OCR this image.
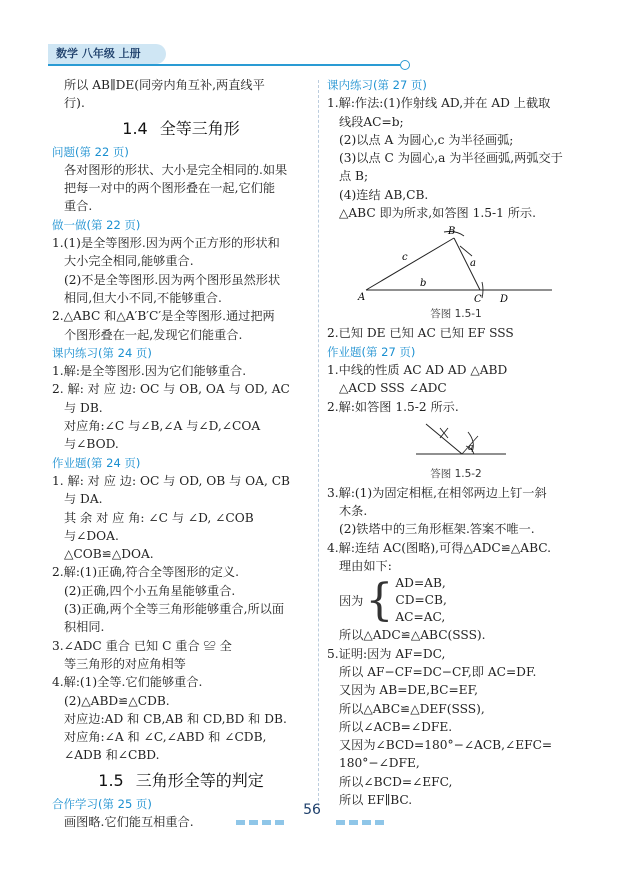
数学 八年级 上册

所以 AB∥DE(同旁内角互补,两直线平

行).

1.4 全等三角形
问题(第 22 页)

各对图形的形状、大小是完全相同的.如果

把每一对中的两个图形叠在一起,它们能

重合.

做一做(第 22 页)

1.(1)是全等图形.因为两个正方形的形状和

大小完全相同,能够重合.

(2)不是全等图形.因为两个图形虽然形状

相同,但大小不同,不能够重合.

2.△ABC 和△A′B′C′是全等图形.通过把两

个图形叠在一起,发现它们能重合.

课内练习(第 24 页)

1.解:是全等图形.因为它们能够重合.

2. 解: 对 应 边: OC 与 OB, OA 与 OD, AC

与 DB.

对应角:∠C 与∠B,∠A 与∠D,∠COA

与∠BOD.

作业题(第 24 页)

1. 解: 对 应 边: OC 与 OD, OB 与 OA, CB

与 DA.

其 余 对 应 角: ∠C 与 ∠D, ∠COB

与∠DOA.

△COB≌△DOA.

2.解:(1)正确,符合全等图形的定义.

(2)正确,四个小五角星能够重合.

(3)正确,两个全等三角形能够重合,所以面

积相同.

3.∠ADC 重合 已知 C 重合 ≌ 全

等三角形的对应角相等

4.解:(1)全等.它们能够重合.

(2)△ABD≌△CDB.

对应边:AD 和 CB,AB 和 CD,BD 和 DB.

对应角:∠A 和 ∠C,∠ABD 和 ∠CDB,

∠ADB 和∠CBD.

1.5 三角形全等的判定
合作学习(第 25 页)

画图略.它们能互相重合.

课内练习(第 27 页)

1.解:作法:(1)作射线 AD,并在 AD 上截取

线段AC=b;

(2)以点 A 为圆心,c 为半径画弧;

(3)以点 C 为圆心,a 为半径画弧,两弧交于

点 B;

(4)连结 AB,CB.

△ABC 即为所求,如答图 1.5-1 所示.

A
B
C D
a
b
c
答图 1.5-1

2.已知 DE 已知 AC 已知 EF SSS

作业题(第 27 页)

1.中线的性质 AC AD AD △ABD

△ACD SSS ∠ADC

2.解:如答图 1.5-2 所示.

a
答图 1.5-2

3.解:(1)为固定相框,在相邻两边上钉一斜

木条.

(2)铁塔中的三角形框架.答案不唯一.

4.解:连结 AC(图略),可得△ADC≌△ABC.

理由如下:

因为 { AD=AB,

CD=CB,

AC=AC,

所以△ADC≌△ABC(SSS).

5.证明:因为 AF=DC,

所以 AF−CF=DC−CF,即 AC=DF.

又因为 AB=DE,BC=EF,

所以△ABC≌△DEF(SSS),

所以∠ACB=∠DFE.

又因为∠BCD=180°−∠ACB,∠EFC=

180°−∠DFE,

所以∠BCD=∠EFC,

所以 EF∥BC.

56
